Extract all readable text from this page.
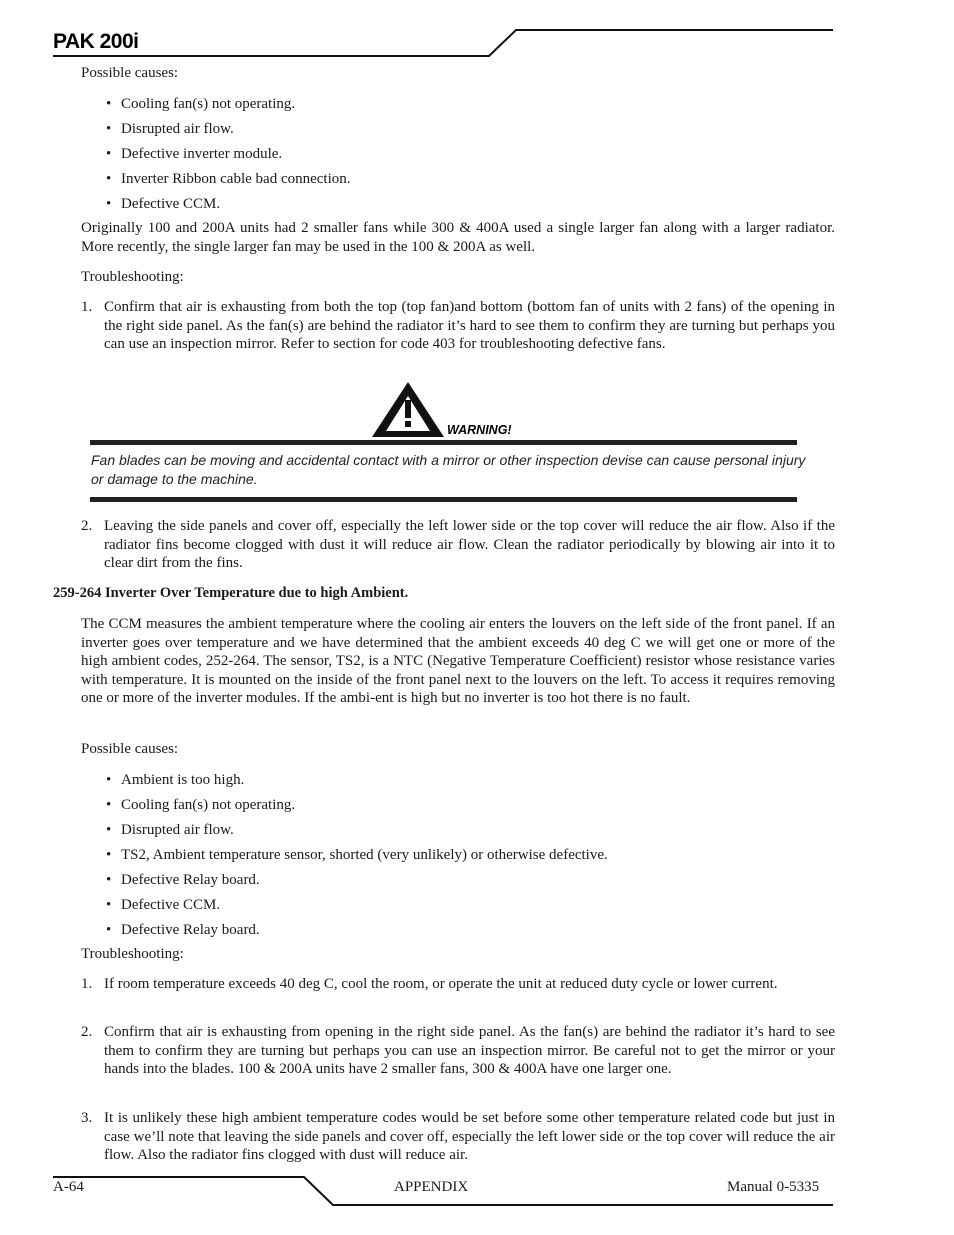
PAK 200i
Possible causes:
• Cooling fan(s) not operating.
• Disrupted air flow.
• Defective inverter module.
• Inverter Ribbon cable bad connection.
• Defective CCM.
Originally 100 and 200A units had 2 smaller fans while 300 & 400A used a single larger fan along with a larger radiator. More recently, the single larger fan may be used in the 100 & 200A as well.
Troubleshooting:
1. Confirm that air is exhausting from both the top (top fan)and bottom (bottom fan of units with 2 fans) of the opening in the right side panel. As the fan(s) are behind the radiator it’s hard to see them to confirm they are turning but perhaps you can use an inspection mirror. Refer to section for code 403 for troubleshooting defective fans.
WARNING!
Fan blades can be moving and accidental contact with a mirror or other inspection devise can cause personal injury or damage to the machine.
2. Leaving the side panels and cover off, especially the left lower side or the top cover will reduce the air flow. Also if the radiator fins become clogged with dust it will reduce air flow. Clean the radiator periodically by blowing air into it to clear dirt from the fins.
259-264 Inverter Over Temperature due to high Ambient.
The CCM measures the ambient temperature where the cooling air enters the louvers on the left side of the front panel. If an inverter goes over temperature and we have determined that the ambient exceeds 40 deg C we will get one or more of the high ambient codes, 252-264. The sensor, TS2, is a NTC (Negative Temperature Coefficient) resistor whose resistance varies with temperature. It is mounted on the inside of the front panel next to the louvers on the left. To access it requires removing one or more of the inverter modules. If the ambi-ent is high but no inverter is too hot there is no fault.
Possible causes:
• Ambient is too high.
• Cooling fan(s) not operating.
• Disrupted air flow.
• TS2, Ambient temperature sensor, shorted (very unlikely) or otherwise defective.
• Defective Relay board.
• Defective CCM.
• Defective Relay board.
Troubleshooting:
1. If room temperature exceeds 40 deg C, cool the room, or operate the unit at reduced duty cycle or lower current.
2. Confirm that air is exhausting from opening in the right side panel. As the fan(s) are behind the radiator it’s hard to see them to confirm they are turning but perhaps you can use an inspection mirror. Be careful not to get the mirror or your hands into the blades. 100 & 200A units have 2 smaller fans, 300 & 400A have one larger one.
3. It is unlikely these high ambient temperature codes would be set before some other temperature related code but just in case we’ll note that leaving the side panels and cover off, especially the left lower side or the top cover will reduce the air flow. Also the radiator fins clogged with dust will reduce air.
A-64	APPENDIX	Manual 0-5335
